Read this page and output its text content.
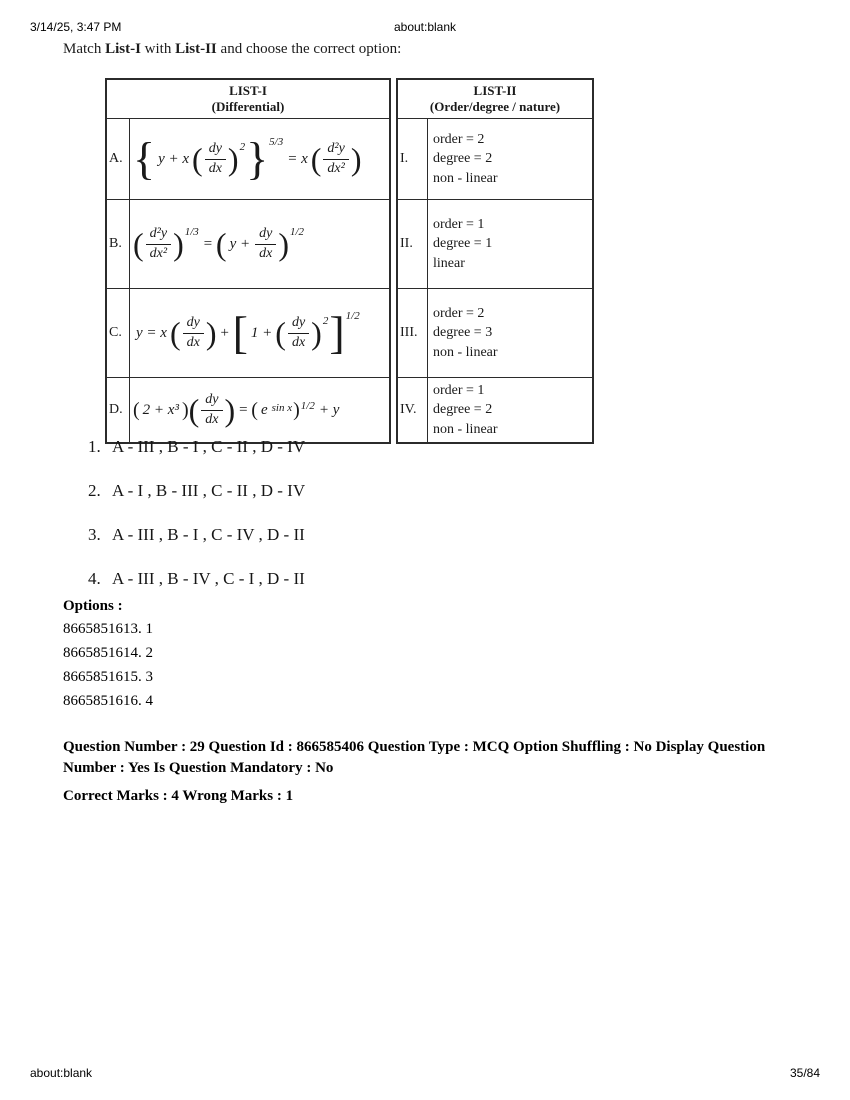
3/14/25, 3:47 PM	about:blank
Match List-I with List-II and choose the correct option:
LIST-I
(Differential)	

A.	{ y + x ( dy
dx ) 2 } 5/3
= x ( d²y
dx² )

B.	( d²y
dx² ) 1/3
= ( $y + \frac{dy}{dx}$ ) 1/2

C.	y = x ( dy
dx ) + [ 1 + ( dy
dx ) 2 ] 1/2

D.	( 2 + x³ ) ( dy
dx ) = ( e sin x ) 1/2 + y
LIST-II
(Order/degree / nature)	

I.	order = 2
degree = 2
non - linear

II.	order = 1
degree = 1
linear

III.	order = 2
degree = 3
non - linear

IV.	order = 1
degree = 2
non - linear
1. A - III , B - I , C - II , D - IV
2. A - I , B - III , C - II , D - IV
3. A - III , B - I , C - IV , D - II
4. A - III , B - IV , C - I , D - II
Options :
8665851613. 1
8665851614. 2
8665851615. 3
8665851616. 4
Question Number : 29 Question Id : 866585406 Question Type : MCQ Option Shuffling : No Display Question Number : Yes Is Question Mandatory : No
Correct Marks : 4 Wrong Marks : 1
about:blank	35/84
